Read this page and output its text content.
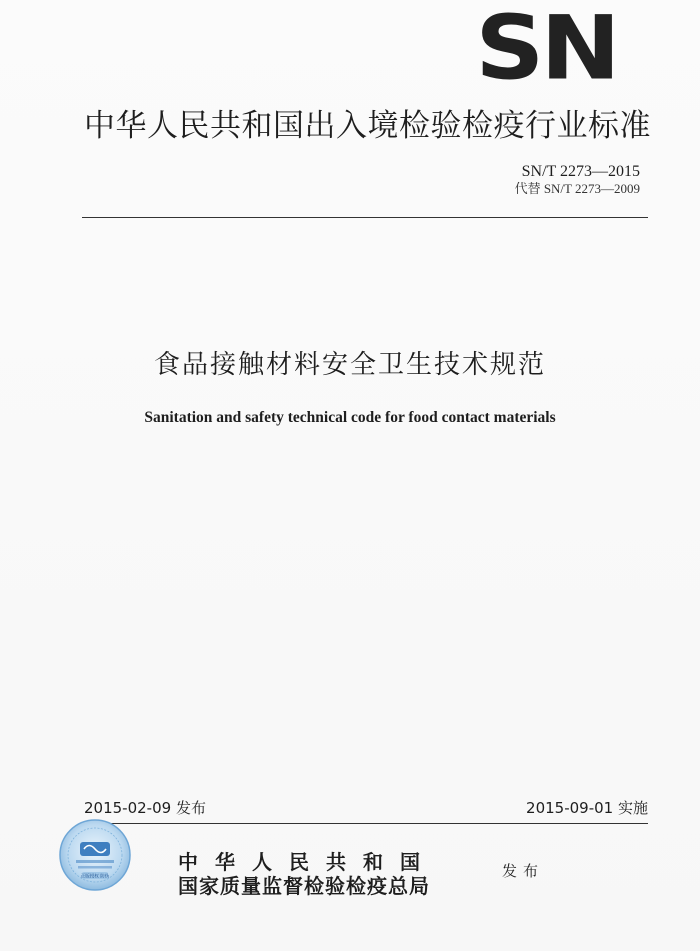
SN
中华人民共和国出入境检验检疫行业标准
SN/T 2273—2015
代替 SN/T 2273—2009
食品接触材料安全卫生技术规范
Sanitation and safety technical code for food contact materials
2015-02-09 发布	2015-09-01 实施
正版授权 防伪
中华人民共和国
国家质量监督检验检疫总局
发布
